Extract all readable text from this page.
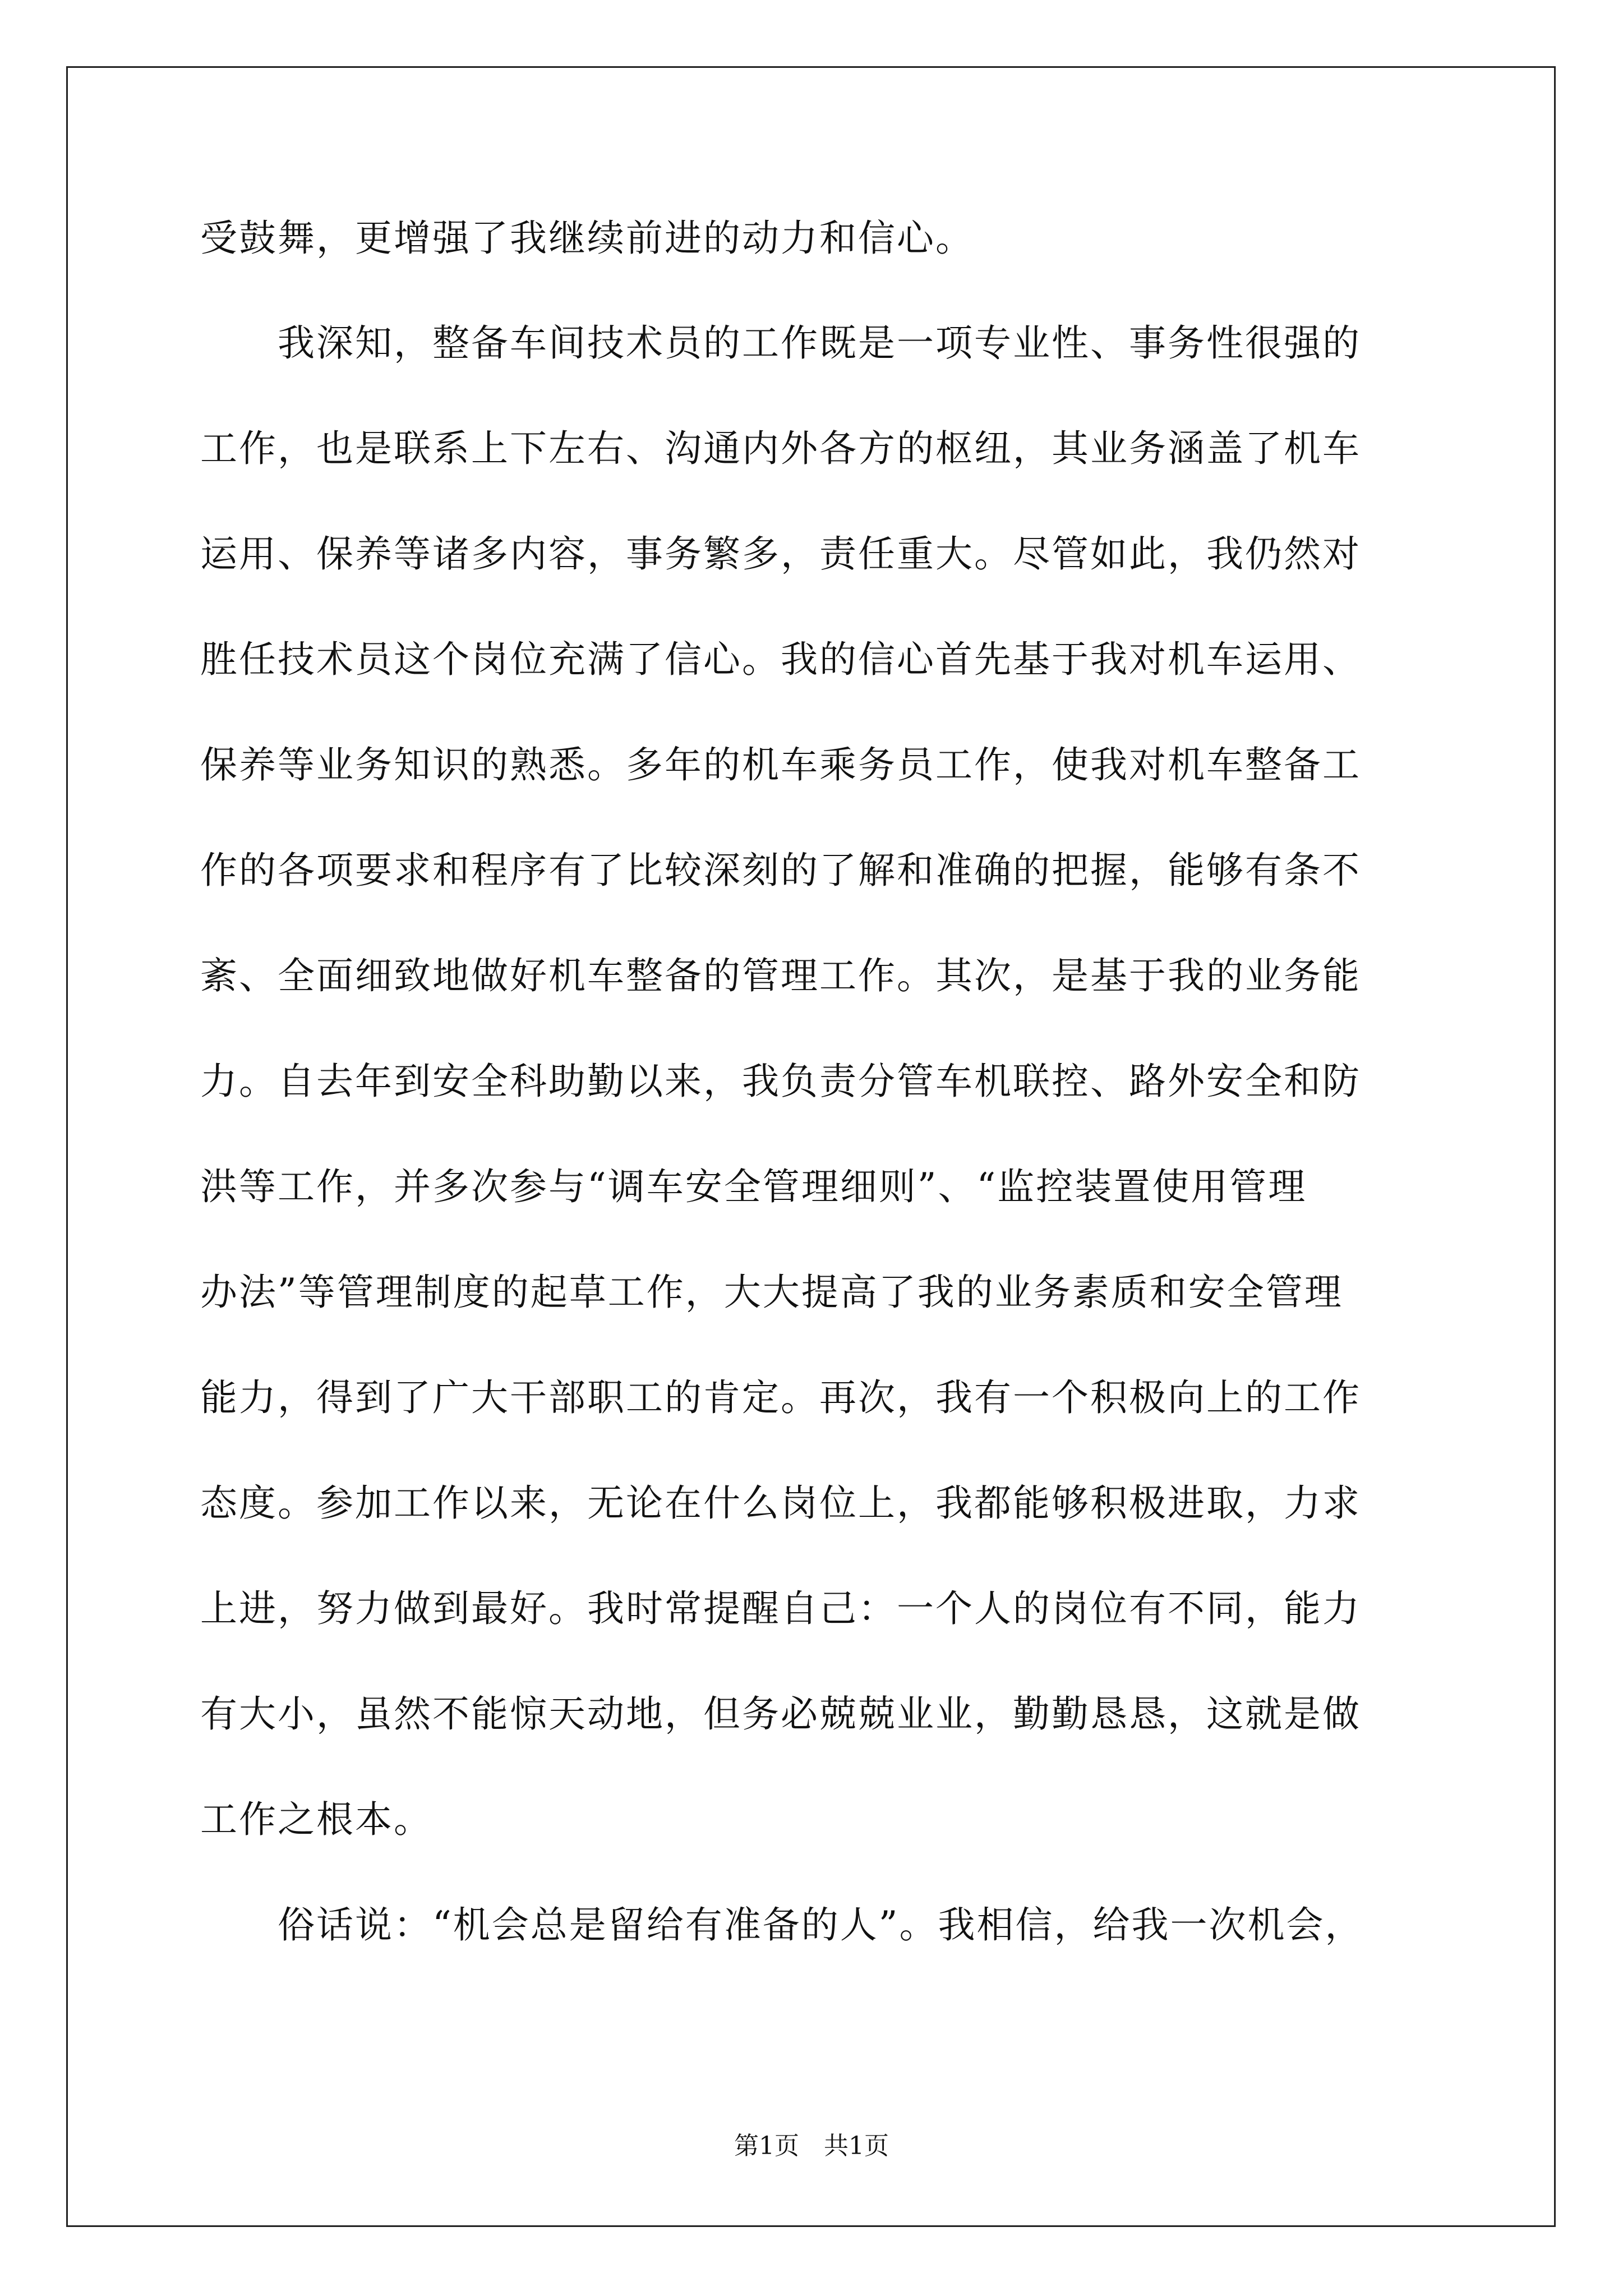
受鼓舞，更增强了我继续前进的动力和信心。
　　我深知，整备车间技术员的工作既是一项专业性、事务性很强的
工作，也是联系上下左右、沟通内外各方的枢纽，其业务涵盖了机车
运用、保养等诸多内容，事务繁多，责任重大。尽管如此，我仍然对
胜任技术员这个岗位充满了信心。我的信心首先基于我对机车运用、
保养等业务知识的熟悉。多年的机车乘务员工作，使我对机车整备工
作的各项要求和程序有了比较深刻的了解和准确的把握，能够有条不
紊、全面细致地做好机车整备的管理工作。其次，是基于我的业务能
力。自去年到安全科助勤以来，我负责分管车机联控、路外安全和防
洪等工作，并多次参与“调车安全管理细则”、“监控装置使用管理
办法”等管理制度的起草工作，大大提高了我的业务素质和安全管理
能力，得到了广大干部职工的肯定。再次，我有一个积极向上的工作
态度。参加工作以来，无论在什么岗位上，我都能够积极进取，力求
上进，努力做到最好。我时常提醒自己：一个人的岗位有不同，能力
有大小，虽然不能惊天动地，但务必兢兢业业，勤勤恳恳，这就是做
工作之根本。
　　俗话说：“机会总是留给有准备的人”。我相信，给我一次机会，
第1页　共1页
